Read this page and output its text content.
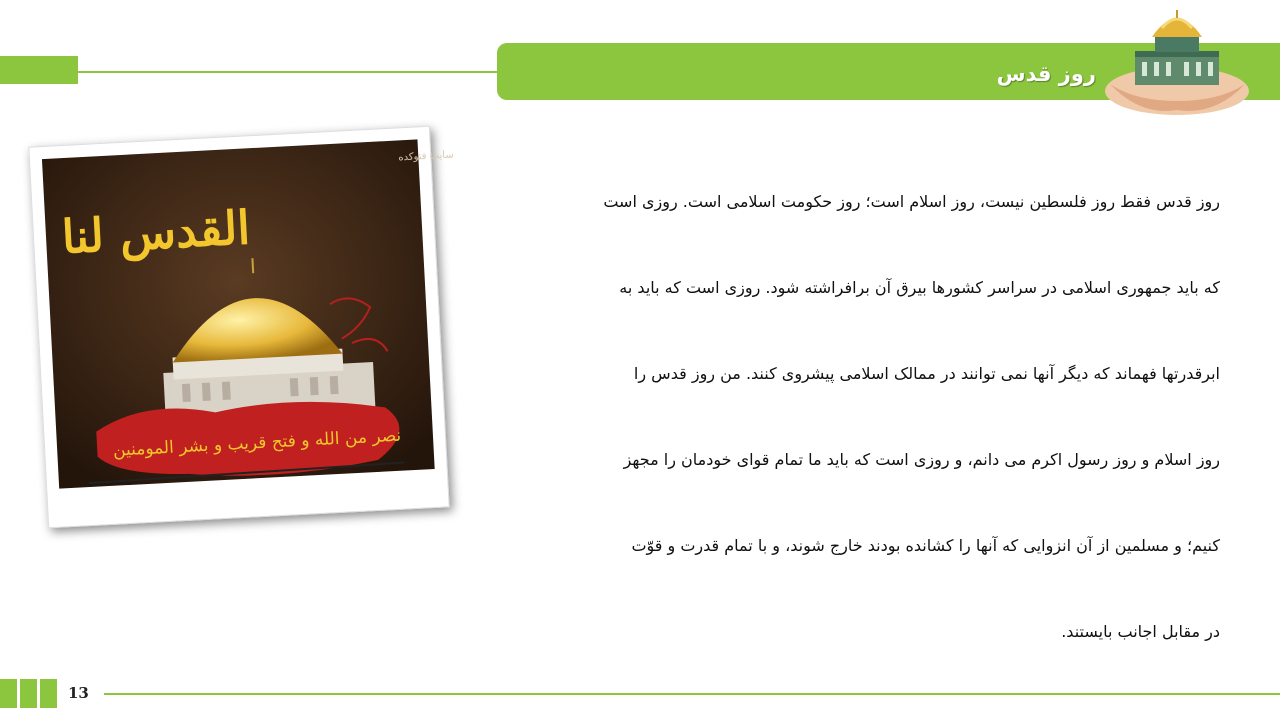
روز قدس
سایت فتوکده
القدس لنا
نصر من الله و فتح قریب و بشر المومنین
روز قدس فقط روز فلسطین نیست، روز اسلام است؛ روز حکومت اسلامی است. روزی است
که باید جمهوری اسلامی در سراسر کشورها بیرق آن برافراشته شود. روزی است که باید به
ابرقدرتها فهماند که دیگر آنها نمی توانند در ممالک اسلامی پیشروی کنند. من روز قدس را
روز اسلام و روز رسول اکرم می دانم، و روزی است که باید ما تمام قوای خودمان را مجهز
کنیم؛ و مسلمین از آن انزوایی که آنها را کشانده بودند خارج شوند، و با تمام قدرت و قوّت
در مقابل اجانب بایستند.
13
